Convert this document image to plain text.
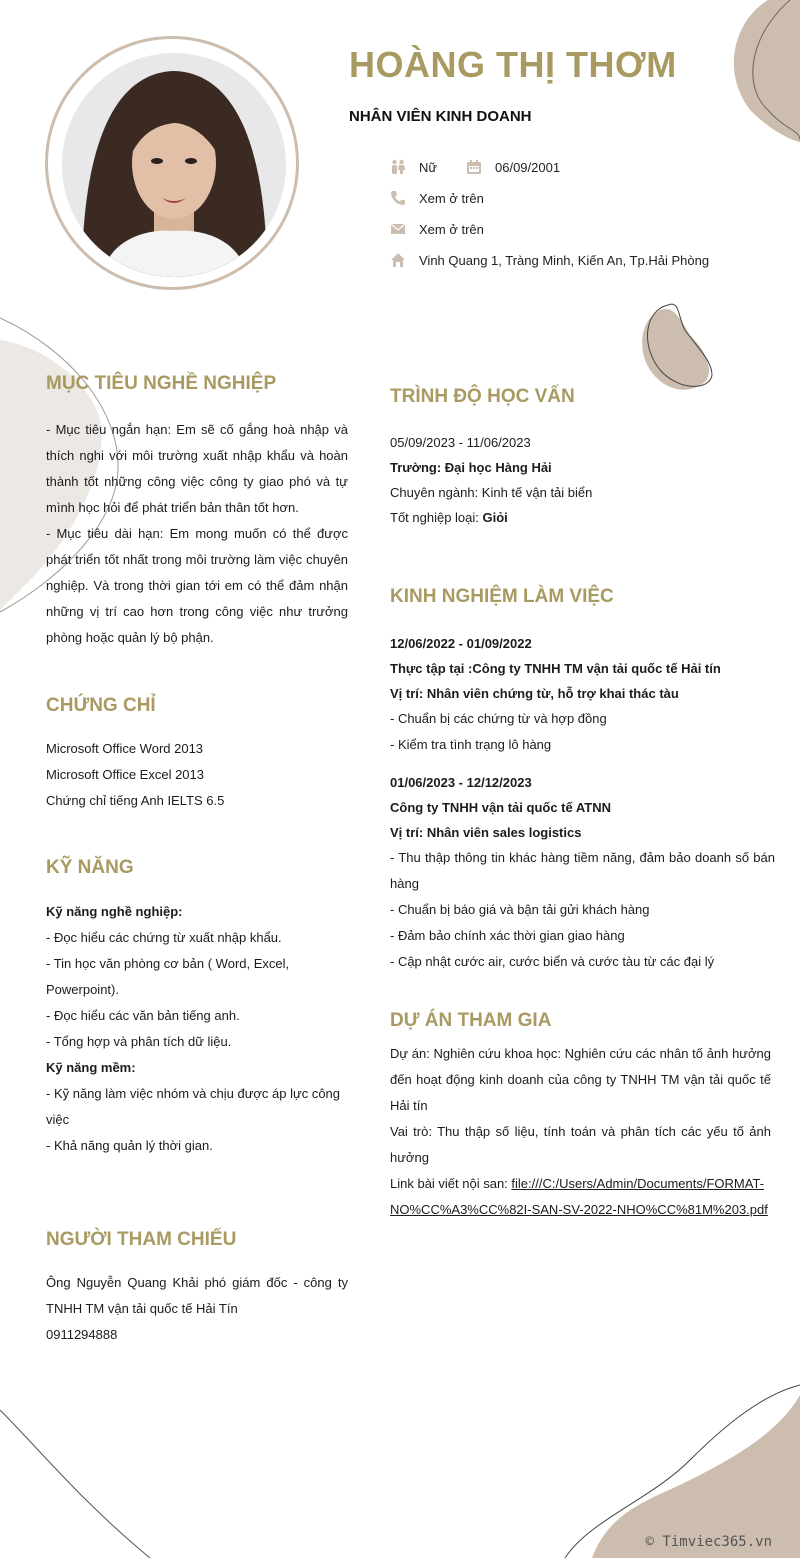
HOÀNG THỊ THƠM
NHÂN VIÊN KINH DOANH
Nữ	06/09/2001
Xem ở trên
Xem ở trên
Vinh Quang 1, Tràng Minh, Kiến An, Tp.Hải Phòng
MỤC TIÊU NGHỀ NGHIỆP

- Mục tiêu ngắn hạn: Em sẽ cố gắng hoà nhập và thích nghi với môi trường xuất nhập khẩu và hoàn thành tốt những công việc công ty giao phó và tự mình học hỏi để phát triển bản thân tốt hơn.

- Mục tiêu dài hạn: Em mong muốn có thể được phát triển tốt nhất trong môi trường làm việc chuyên nghiệp. Và trong thời gian tới em có thể đảm nhận những vị trí cao hơn trong công việc như trưởng phòng hoặc quản lý bộ phận.

CHỨNG CHỈ

Microsoft Office Word 2013

Microsoft Office Excel 2013

Chứng chỉ tiếng Anh IELTS 6.5

KỸ NĂNG

Kỹ năng nghề nghiệp:

- Đọc hiểu các chứng từ xuất nhập khẩu.

- Tin học văn phòng cơ bản ( Word, Excel, Powerpoint).

- Đọc hiểu các văn bản tiếng anh.

- Tổng hợp và phân tích dữ liệu.

Kỹ năng mềm:

- Kỹ năng làm việc nhóm và chịu được áp lực công việc

- Khả năng quản lý thời gian.

NGƯỜI THAM CHIẾU

Ông Nguyễn Quang Khải phó giám đốc - công ty TNHH TM vận tải quốc tế Hải Tín

0911294888

TRÌNH ĐỘ HỌC VẤN

05/09/2023 - 11/06/2023

Trường: Đại học Hàng Hải

Chuyên ngành: Kinh tế vận tải biển

Tốt nghiệp loại: Giỏi

KINH NGHIỆM LÀM VIỆC

12/06/2022 - 01/09/2022

Thực tập tại :Công ty TNHH TM vận tải quốc tế Hải tín

Vị trí: Nhân viên chứng từ, hỗ trợ khai thác tàu

- Chuẩn bị các chứng từ và hợp đồng

- Kiểm tra tình trạng lô hàng

01/06/2023 - 12/12/2023

Công ty TNHH vận tải quốc tế ATNN

Vị trí: Nhân viên sales logistics

- Thu thập thông tin khác hàng tiềm năng, đảm bảo doanh số bán hàng

- Chuẩn bị báo giá và bận tải gửi khách hàng

- Đảm bảo chính xác thời gian giao hàng

- Cập nhật cước air, cước biển và cước tàu từ các đại lý

DỰ ÁN THAM GIA

Dự án: Nghiên cứu khoa học: Nghiên cứu các nhân tố ảnh hưởng đến hoạt động kinh doanh của công ty TNHH TM vận tải quốc tế Hải tín

Vai trò: Thu thập số liệu, tính toán và phân tích các yếu tố ảnh hưởng

Link bài viết nội san: file:///C:/Users/Admin/Documents/FORMAT-NO%CC%A3%CC%82I-SAN-SV-2022-NHO%CC%81M%203.pdf

© Timviec365.vn
